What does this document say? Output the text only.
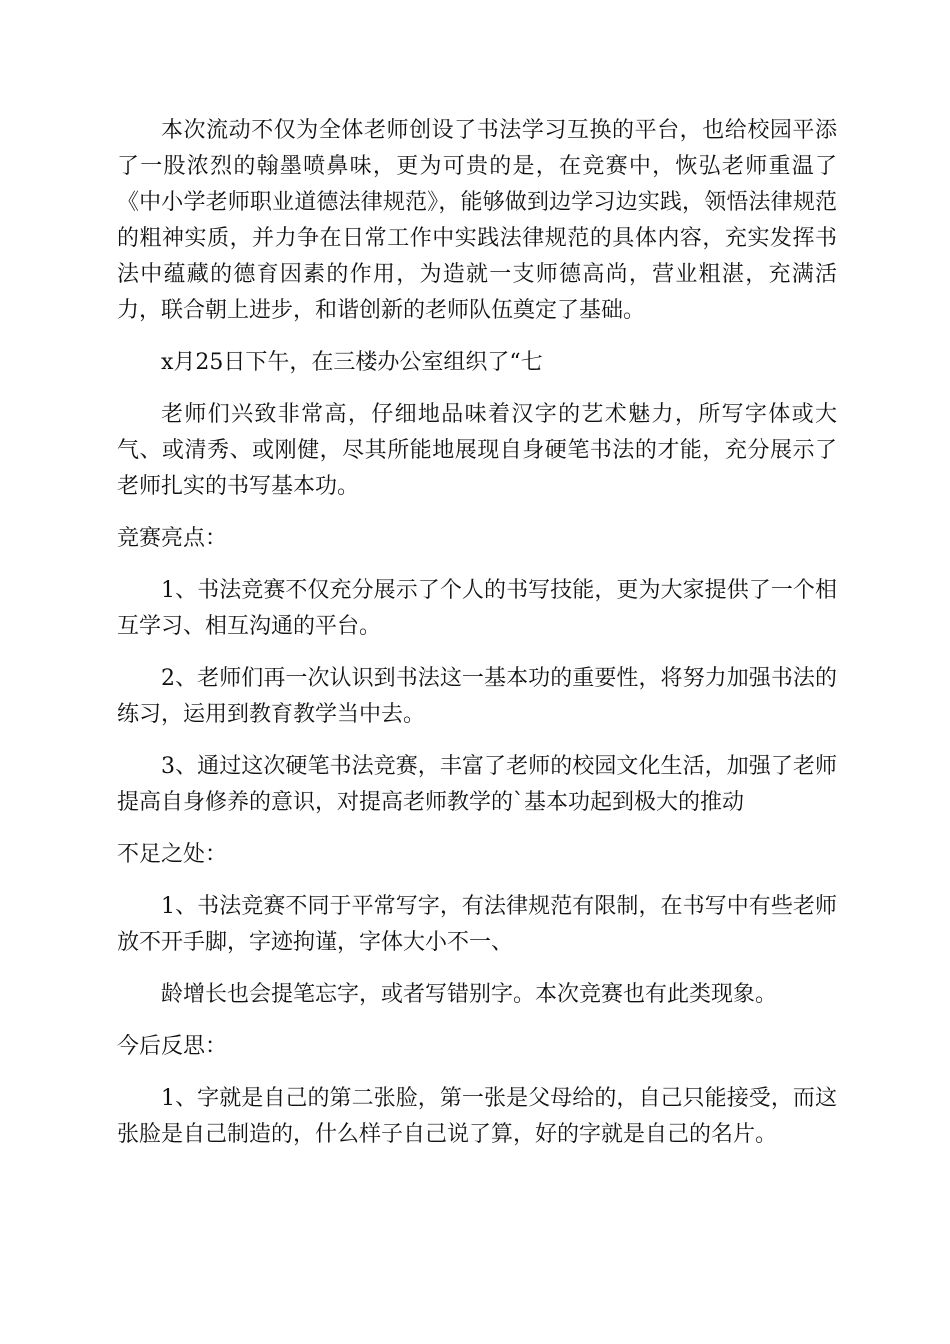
本次流动不仅为全体老师创设了书法学习互换的平台，也给校园平添了一股浓烈的翰墨喷鼻味，更为可贵的是，在竞赛中，恢弘老师重温了《中小学老师职业道德法律规范》，能够做到边学习边实践，领悟法律规范的粗神实质，并力争在日常工作中实践法律规范的具体内容，充实发挥书法中蕴藏的德育因素的作用，为造就一支师德高尚，营业粗湛，充满活力，联合朝上进步，和谐创新的老师队伍奠定了基础。

x月25日下午，在三楼办公室组织了“七

老师们兴致非常高，仔细地品味着汉字的艺术魅力，所写字体或大气、或清秀、或刚健，尽其所能地展现自身硬笔书法的才能，充分展示了老师扎实的书写基本功。

竞赛亮点：

1、书法竞赛不仅充分展示了个人的书写技能，更为大家提供了一个相互学习、相互沟通的平台。

2、老师们再一次认识到书法这一基本功的重要性，将努力加强书法的练习，运用到教育教学当中去。

3、通过这次硬笔书法竞赛，丰富了老师的校园文化生活，加强了老师提高自身修养的意识，对提高老师教学的`基本功起到极大的推动

不足之处：

1、书法竞赛不同于平常写字，有法律规范有限制，在书写中有些老师放不开手脚，字迹拘谨，字体大小不一、

龄增长也会提笔忘字，或者写错别字。本次竞赛也有此类现象。

今后反思：

1、字就是自己的第二张脸，第一张是父母给的，自己只能接受，而这张脸是自己制造的，什么样子自己说了算，好的字就是自己的名片。
